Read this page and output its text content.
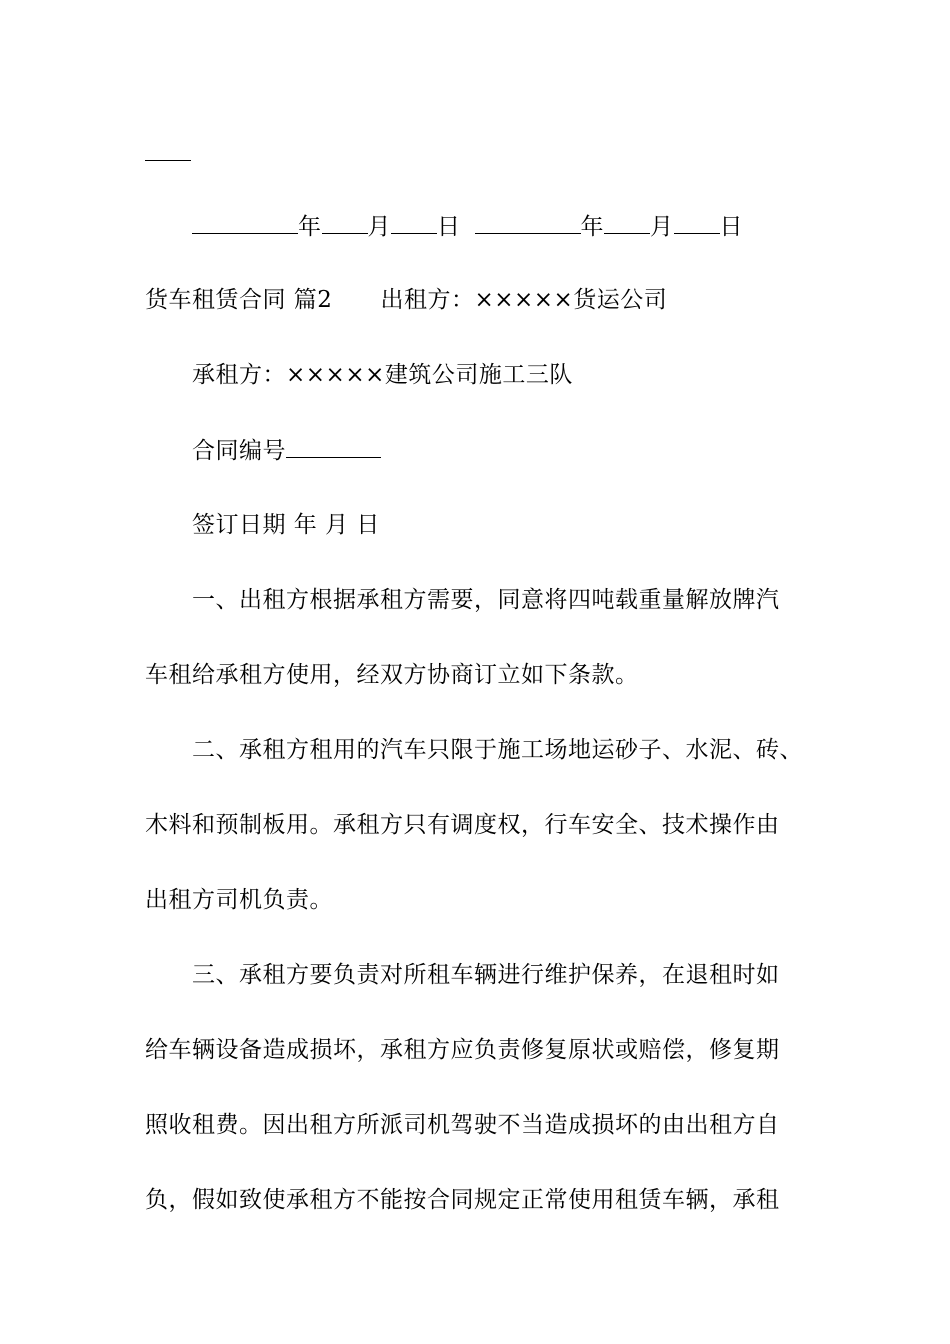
年 月 日	年 月 日
货车租赁合同 篇2 出租方：×××××货运公司
承租方：×××××建筑公司施工三队
合同编号
签订日期 年 月 日
一、出租方根据承租方需要，同意将四吨载重量解放牌汽
车租给承租方使用，经双方协商订立如下条款。
二、承租方租用的汽车只限于施工场地运砂子、水泥、砖、
木料和预制板用。承租方只有调度权，行车安全、技术操作由
出租方司机负责。
三、承租方要负责对所租车辆进行维护保养，在退租时如
给车辆设备造成损坏，承租方应负责修复原状或赔偿，修复期
照收租费。因出租方所派司机驾驶不当造成损坏的由出租方自
负，假如致使承租方不能按合同规定正常使用租赁车辆，承租
